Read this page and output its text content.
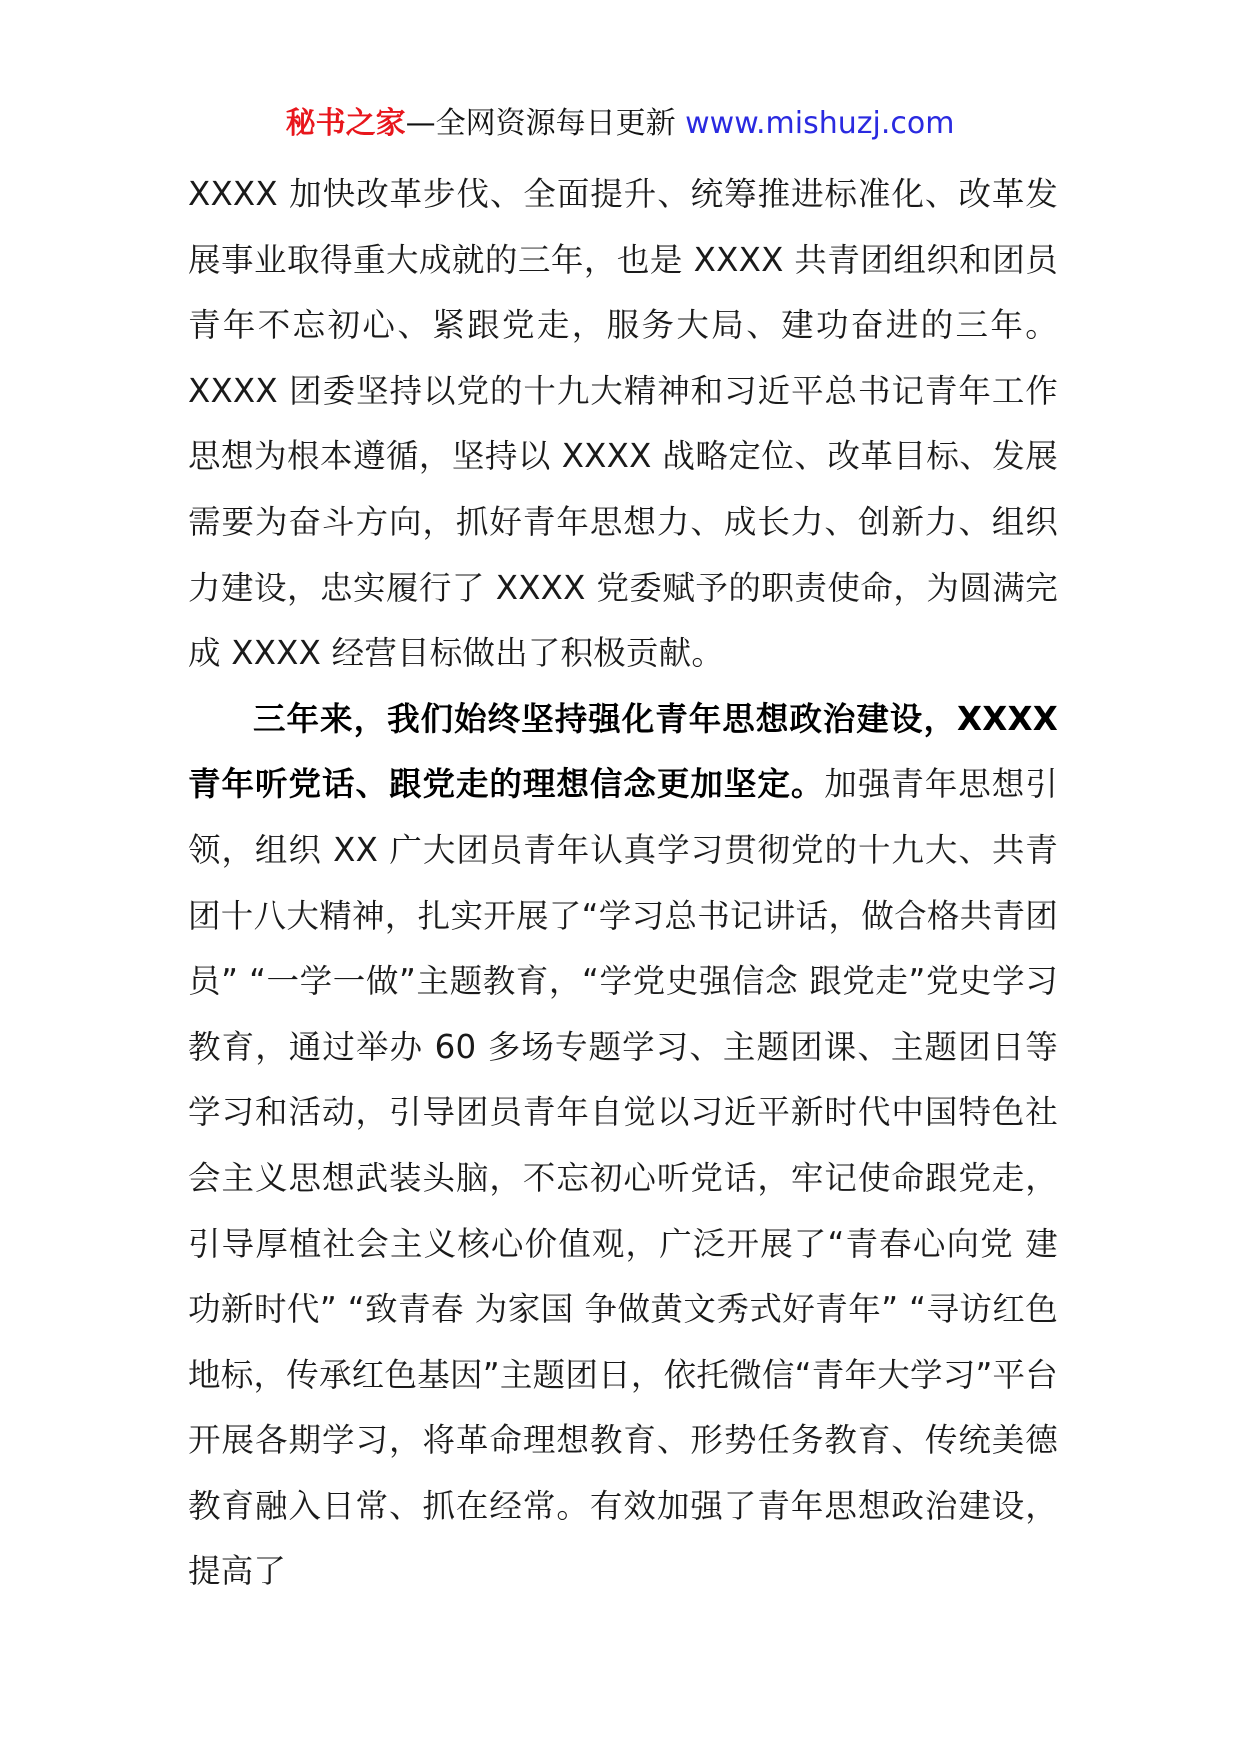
秘书之家—全网资源每日更新 www.mishuzj.com

XXXX 加快改革步伐、全面提升、统筹推进标准化、改革发展事业取得重大成就的三年，也是 XXXX 共青团组织和团员青年不忘初心、紧跟党走，服务大局、建功奋进的三年。XXXX 团委坚持以党的十九大精神和习近平总书记青年工作思想为根本遵循，坚持以 XXXX 战略定位、改革目标、发展需要为奋斗方向，抓好青年思想力、成长力、创新力、组织力建设，忠实履行了 XXXX 党委赋予的职责使命，为圆满完成 XXXX 经营目标做出了积极贡献。

三年来，我们始终坚持强化青年思想政治建设，XXXX 青年听党话、跟党走的理想信念更加坚定。加强青年思想引领，组织 XX 广大团员青年认真学习贯彻党的十九大、共青团十八大精神，扎实开展了“学习总书记讲话，做合格共青团员” “一学一做”主题教育，“学党史强信念 跟党走”党史学习教育，通过举办 60 多场专题学习、主题团课、主题团日等学习和活动，引导团员青年自觉以习近平新时代中国特色社会主义思想武装头脑，不忘初心听党话，牢记使命跟党走，引导厚植社会主义核心价值观，广泛开展了“青春心向党 建功新时代” “致青春 为家国 争做黄文秀式好青年” “寻访红色地标，传承红色基因”主题团日，依托微信“青年大学习”平台开展各期学习，将革命理想教育、形势任务教育、传统美德教育融入日常、抓在经常。有效加强了青年思想政治建设，提高了
